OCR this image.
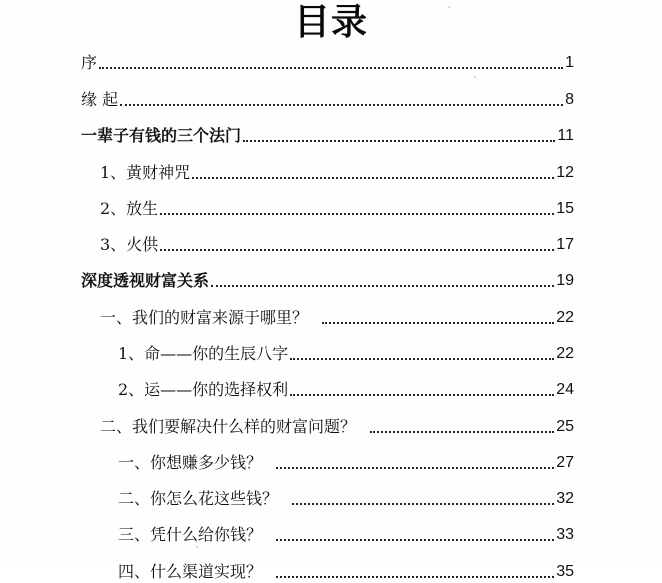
目录
序	1
缘 起	8
一辈子有钱的三个法门	11
1、黄财神咒	12
2、放生	15
3、火供	17
深度透视财富关系	19
一、我们的财富来源于哪里？	22
1、命——你的生辰八字	22
2、运——你的选择权利	24
二、我们要解决什么样的财富问题？	25
一、你想赚多少钱？	27
二、你怎么花这些钱？	32
三、凭什么给你钱？	33
四、什么渠道实现？	35
